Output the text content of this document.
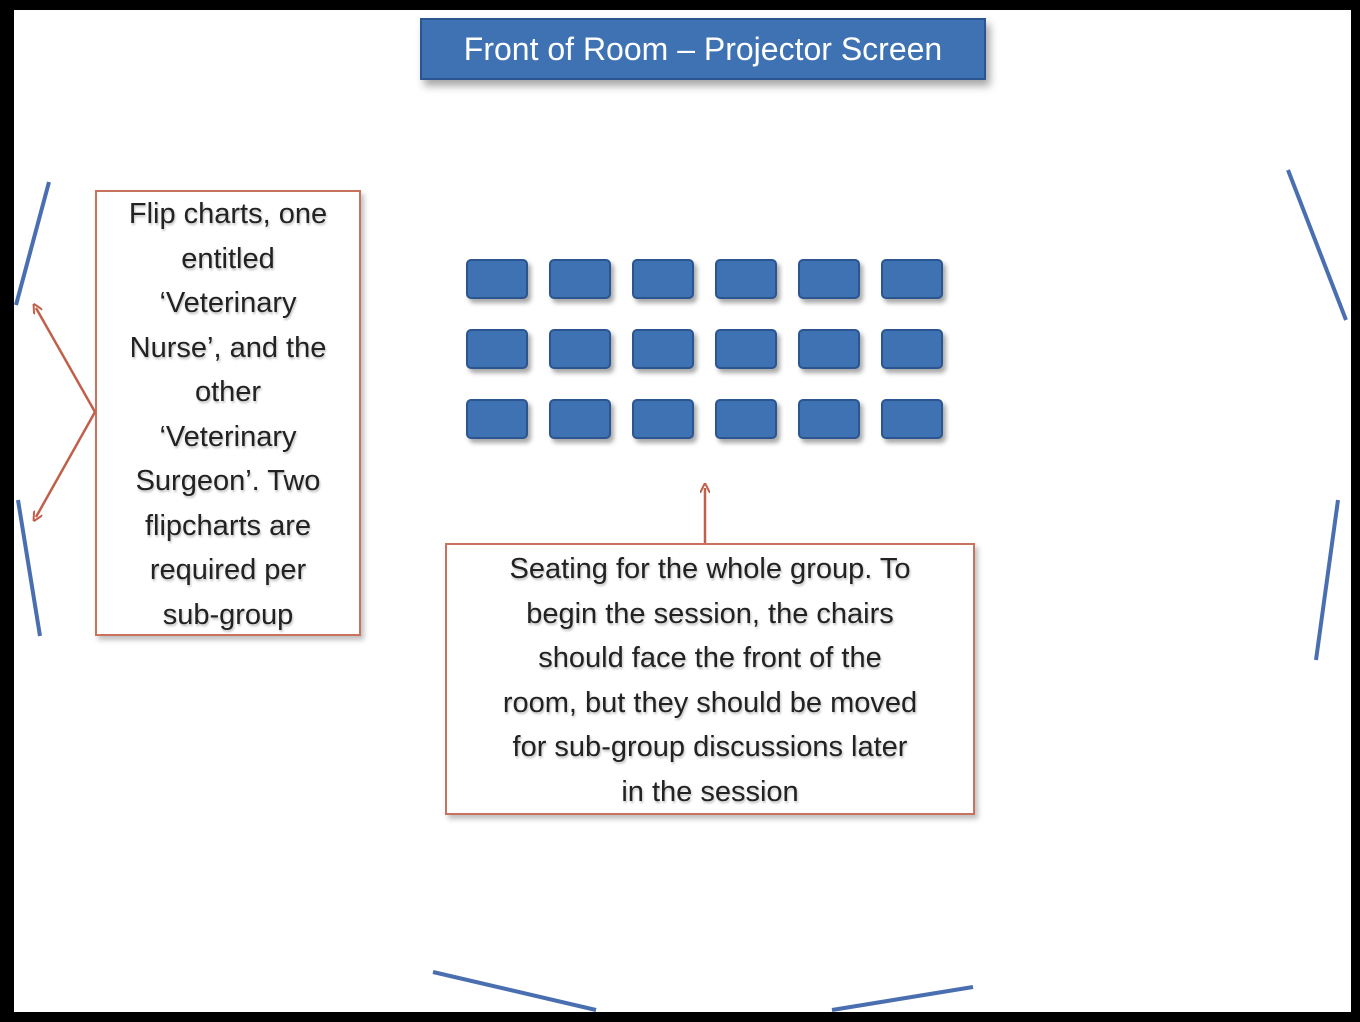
Front of Room – Projector Screen
Flip charts, one
entitled
‘Veterinary
Nurse’, and the
other
‘Veterinary
Surgeon’. Two
flipcharts are
required per
sub-group
Seating for the whole group. To
begin the session, the chairs
should face the front of the
room, but they should be moved
for sub-group discussions later
in the session
